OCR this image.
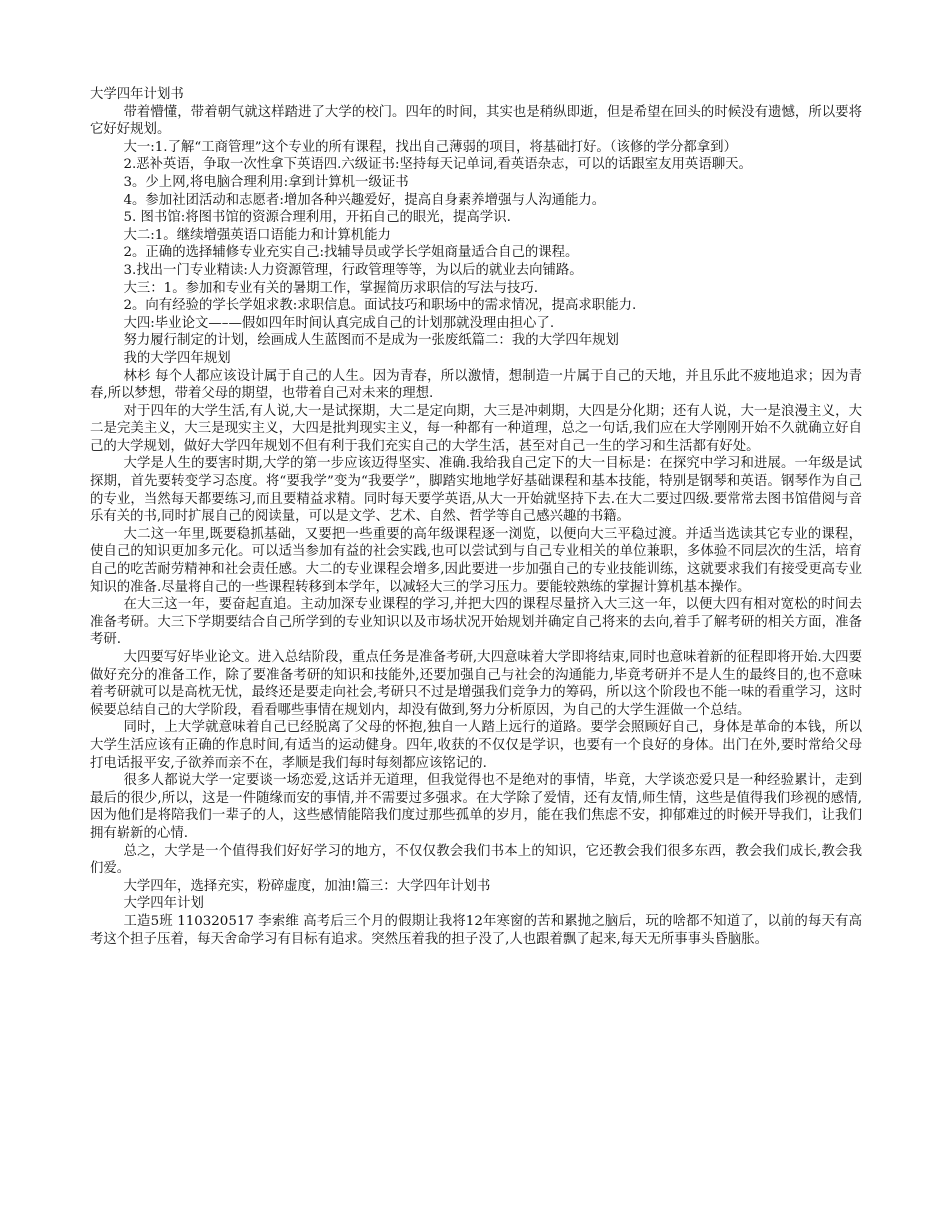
大学四年计划书

带着懵懂，带着朝气就这样踏进了大学的校门。四年的时间，其实也是稍纵即逝，但是希望在回头的时候没有遗憾，所以要将它好好规划。

大一:1.了解“工商管理”这个专业的所有课程，找出自己薄弱的项目，将基础打好。（该修的学分都拿到）

2.恶补英语，争取一次性拿下英语四.六级证书:坚持每天记单词,看英语杂志，可以的话跟室友用英语聊天。

3。少上网,将电脑合理利用:拿到计算机一级证书

4。参加社团活动和志愿者:增加各种兴趣爱好，提高自身素养增强与人沟通能力。

5. 图书馆:将图书馆的资源合理利用，开拓自己的眼光，提高学识.

大二:1。继续增强英语口语能力和计算机能力

2。正确的选择辅修专业充实自己:找辅导员或学长学姐商量适合自己的课程。

3.找出一门专业精读:人力资源管理，行政管理等等，为以后的就业去向铺路。

大三：1。参加和专业有关的暑期工作，掌握简历求职信的写法与技巧.

2。向有经验的学长学姐求教:求职信息。面试技巧和职场中的需求情况，提高求职能力.

大四:毕业论文—–—假如四年时间认真完成自己的计划那就没理由担心了.

努力履行制定的计划，绘画成人生蓝图而不是成为一张废纸篇二：我的大学四年规划

我的大学四年规划

林杉 每个人都应该设计属于自己的人生。因为青春，所以激情，想制造一片属于自己的天地，并且乐此不疲地追求；因为青春,所以梦想，带着父母的期望，也带着自己对未来的理想.

对于四年的大学生活,有人说,大一是试探期，大二是定向期，大三是冲刺期，大四是分化期；还有人说，大一是浪漫主义，大二是完美主义，大三是现实主义，大四是批判现实主义，每一种都有一种道理，总之一句话,我们应在大学刚刚开始不久就确立好自己的大学规划，做好大学四年规划不但有利于我们充实自己的大学生活，甚至对自己一生的学习和生活都有好处。

大学是人生的要害时期,大学的第一步应该迈得坚实、准确.我给我自己定下的大一目标是：在探究中学习和进展。一年级是试探期，首先要转变学习态度。将“要我学”变为“我要学”，脚踏实地地学好基础课程和基本技能，特别是钢琴和英语。钢琴作为自己的专业，当然每天都要练习,而且要精益求精。同时每天要学英语,从大一开始就坚持下去.在大二要过四级.要常常去图书馆借阅与音乐有关的书,同时扩展自己的阅读量，可以是文学、艺术、自然、哲学等自己感兴趣的书籍。

大二这一年里,既要稳抓基础，又要把一些重要的高年级课程逐一浏览，以便向大三平稳过渡。并适当选读其它专业的课程，使自己的知识更加多元化。可以适当参加有益的社会实践,也可以尝试到与自己专业相关的单位兼职，多体验不同层次的生活，培育自己的吃苦耐劳精神和社会责任感。大二的专业课程会增多,因此要进一步加强自己的专业技能训练，这就要求我们有接受更高专业知识的准备.尽量将自己的一些课程转移到本学年，以减轻大三的学习压力。要能较熟练的掌握计算机基本操作。

在大三这一年，要奋起直追。主动加深专业课程的学习,并把大四的课程尽量挤入大三这一年，以便大四有相对宽松的时间去准备考研。大三下学期要结合自己所学到的专业知识以及市场状况开始规划并确定自己将来的去向,着手了解考研的相关方面，准备考研.

大四要写好毕业论文。进入总结阶段，重点任务是准备考研,大四意味着大学即将结束,同时也意味着新的征程即将开始.大四要做好充分的准备工作，除了要准备考研的知识和技能外,还要加强自己与社会的沟通能力,毕竟考研并不是人生的最终目的,也不意味着考研就可以是高枕无忧，最终还是要走向社会,考研只不过是增强我们竞争力的筹码，所以这个阶段也不能一味的看重学习，这时候要总结自己的大学阶段，看看哪些事情在规划内，却没有做到,努力分析原因，为自己的大学生涯做一个总结。

同时，上大学就意味着自己已经脱离了父母的怀抱,独自一人踏上远行的道路。要学会照顾好自己，身体是革命的本钱，所以大学生活应该有正确的作息时间,有适当的运动健身。四年,收获的不仅仅是学识，也要有一个良好的身体。出门在外,要时常给父母打电话报平安,子欲养而亲不在，孝顺是我们每时每刻都应该铭记的.

很多人都说大学一定要谈一场恋爱,这话并无道理，但我觉得也不是绝对的事情，毕竟，大学谈恋爱只是一种经验累计，走到最后的很少,所以，这是一件随缘而安的事情,并不需要过多强求。在大学除了爱情，还有友情,师生情，这些是值得我们珍视的感情,因为他们是将陪我们一辈子的人，这些感情能陪我们度过那些孤单的岁月，能在我们焦虑不安，抑郁难过的时候开导我们，让我们拥有崭新的心情.

总之，大学是一个值得我们好好学习的地方，不仅仅教会我们书本上的知识，它还教会我们很多东西，教会我们成长,教会我们爱。

大学四年，选择充实，粉碎虚度，加油!篇三：大学四年计划书

大学四年计划

工造5班 110320517 李索维 高考后三个月的假期让我将12年寒窗的苦和累抛之脑后，玩的啥都不知道了，以前的每天有高考这个担子压着，每天舍命学习有目标有追求。突然压着我的担子没了,人也跟着飘了起来,每天无所事事头昏脑胀。
